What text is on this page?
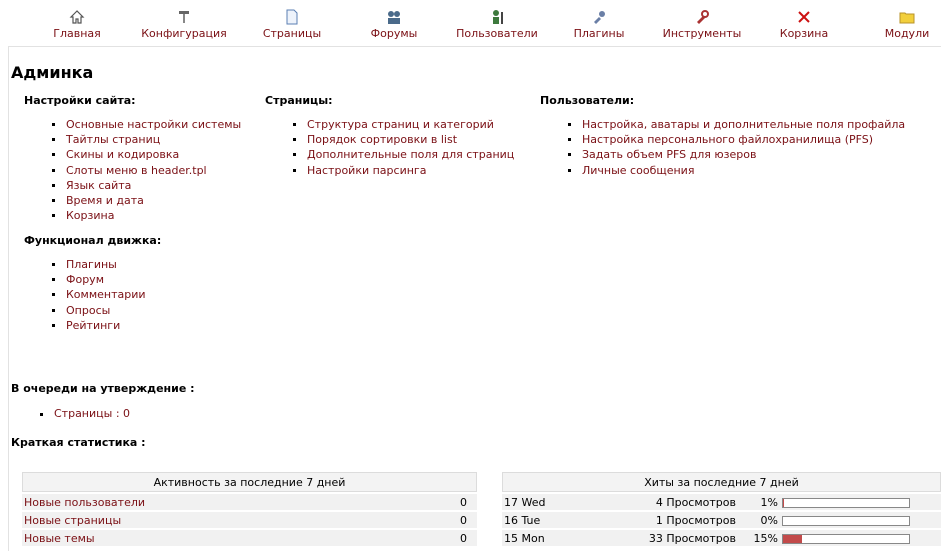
Главная	Конфигурация	Страницы	Форумы	Пользователи	Плагины	Инструменты	Корзина	Модули
Админка
Настройки сайта:
Основные настройки системы
Тайтлы страниц
Скины и кодировка
Слоты меню в header.tpl
Язык сайта
Время и дата
Корзина
Функционал движка:
Плагины
Форум
Комментарии
Опросы
Рейтинги
Страницы:
Структура страниц и категорий
Порядок сортировки в list
Дополнительные поля для страниц
Настройки парсинга
Пользователи:
Настройка, аватары и дополнительные поля профайла
Настройка персонального файлохранилища (PFS)
Задать объем PFS для юзеров
Личные сообщения
В очереди на утверждение :
Страницы : 0
Краткая статистика :
Активность за последние 7 дней	
Новые пользователи	0
Новые страницы	0
Новые темы	0
Хиты за последние 7 дней			
17 Wed	4 Просмотров	1%	

16 Tue	1 Просмотров	0%	

15 Mon	33 Просмотров	15%	
